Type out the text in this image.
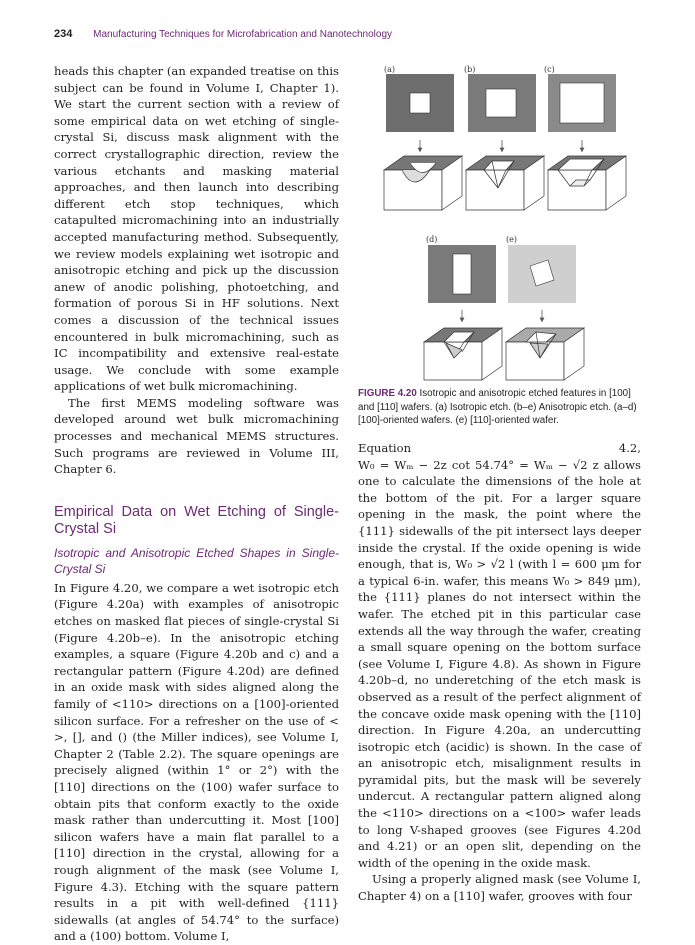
234 Manufacturing Techniques for Microfabrication and Nanotechnology

heads this chapter (an expanded treatise on this subject can be found in Volume I, Chapter 1). We start the current section with a review of some empirical data on wet etching of single-crystal Si, discuss mask alignment with the correct crystallographic direction, review the various etchants and masking material approaches, and then launch into describing different etch stop techniques, which catapulted micromachining into an industrially accepted manufacturing method. Subsequently, we review models explaining wet isotropic and anisotropic etching and pick up the discussion anew of anodic polishing, photoetching, and formation of porous Si in HF solutions. Next comes a discussion of the technical issues encountered in bulk micromachining, such as IC incompatibility and extensive real-estate usage. We conclude with some example applications of wet bulk micromachining.

The first MEMS modeling software was developed around wet bulk micromachining processes and mechanical MEMS structures. Such programs are reviewed in Volume III, Chapter 6.

Empirical Data on Wet Etching of Single-Crystal Si
Isotropic and Anisotropic Etched Shapes in Single-Crystal Si

In Figure 4.20, we compare a wet isotropic etch (Figure 4.20a) with examples of anisotropic etches on masked flat pieces of single-crystal Si (Figure 4.20b–e). In the anisotropic etching examples, a square (Figure 4.20b and c) and a rectangular pattern (Figure 4.20d) are defined in an oxide mask with sides aligned along the family of <110> directions on a [100]-oriented silicon surface. For a refresher on the use of < >, [], and () (the Miller indices), see Volume I, Chapter 2 (Table 2.2). The square openings are precisely aligned (within 1° or 2°) with the [110] directions on the (100) wafer surface to obtain pits that conform exactly to the oxide mask rather than undercutting it. Most [100] silicon wafers have a main flat parallel to a [110] direction in the crystal, allowing for a rough alignment of the mask (see Volume I, Figure 4.3). Etching with the square pattern results in a pit with well-defined {111} sidewalls (at angles of 54.74° to the surface) and a (100) bottom. Volume I,

(a)	(b)	(c)
(d)	(e)
FIGURE 4.20 Isotropic and anisotropic etched features in [100] and [110] wafers. (a) Isotropic etch. (b–e) Anisotropic etch. (a–d) [100]-oriented wafers. (e) [110]-oriented wafer.

Equation 4.2, W₀ = Wₘ − 2z cot 54.74° = Wₘ − √2 z allows one to calculate the dimensions of the hole at the bottom of the pit. For a larger square opening in the mask, the point where the {111} sidewalls of the pit intersect lays deeper inside the crystal. If the oxide opening is wide enough, that is, W₀ > √2 l (with l = 600 μm for a typical 6-in. wafer, this means W₀ > 849 μm), the {111} planes do not intersect within the wafer. The etched pit in this particular case extends all the way through the wafer, creating a small square opening on the bottom surface (see Volume I, Figure 4.8). As shown in Figure 4.20b–d, no underetching of the etch mask is observed as a result of the perfect alignment of the concave oxide mask opening with the [110] direction. In Figure 4.20a, an undercutting isotropic etch (acidic) is shown. In the case of an anisotropic etch, misalignment results in pyramidal pits, but the mask will be severely undercut. A rectangular pattern aligned along the <110> directions on a <100> wafer leads to long V-shaped grooves (see Figures 4.20d and 4.21) or an open slit, depending on the width of the opening in the oxide mask.

Using a properly aligned mask (see Volume I, Chapter 4) on a [110] wafer, grooves with four
